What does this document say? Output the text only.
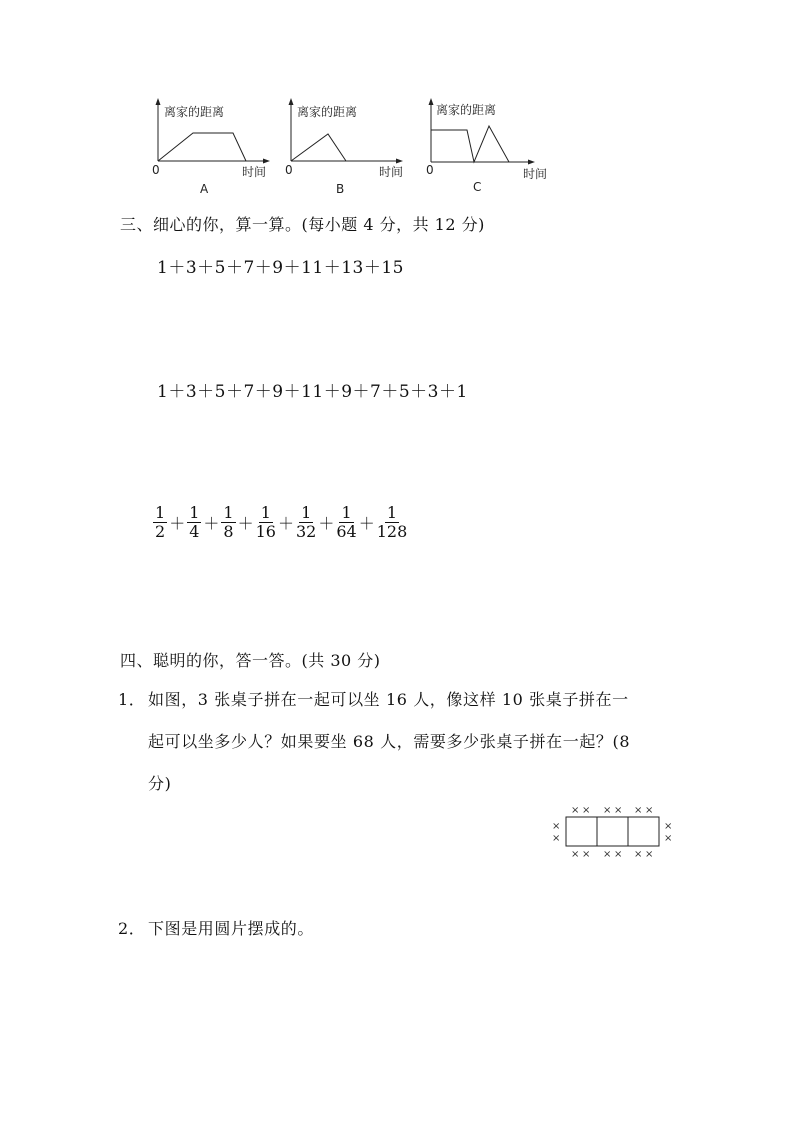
离家的距离
0	时间
A
离家的距离
0	时间
B
离家的距离
0	时间
C
三、细心的你，算一算。(每小题 4 分，共 12 分)
1＋3＋5＋7＋9＋11＋13＋15
1＋3＋5＋7＋9＋11＋9＋7＋5＋3＋1
$\frac{1}{2} + \frac{1}{4} + \frac{1}{8} + \frac{1}{16} + \frac{1}{32} + \frac{1}{64} + \frac{1}{128}$
四、聪明的你，答一答。(共 30 分)
1． 如图，3 张桌子拼在一起可以坐 16 人，像这样 10 张桌子拼在一
起可以坐多少人？如果要坐 68 人，需要多少张桌子拼在一起？(8
分)
× × × × × ×
× × × × × ×
×
×
×
×
2． 下图是用圆片摆成的。
